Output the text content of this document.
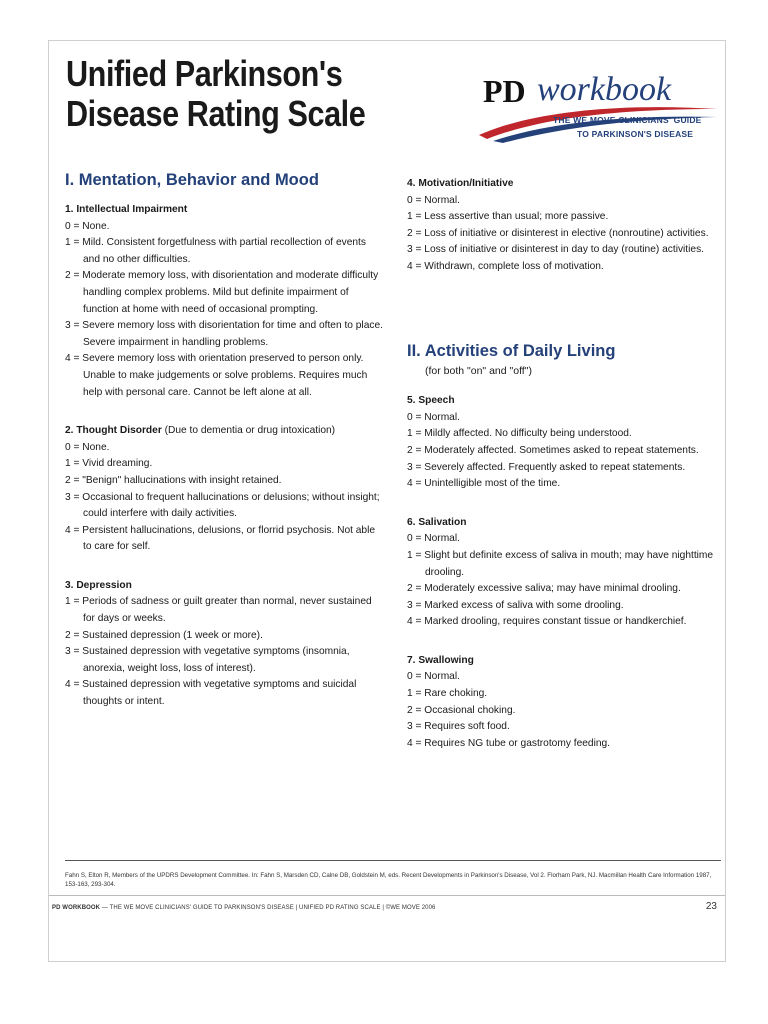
Unified Parkinson's
Disease Rating Scale
PD workbook
THE WE MOVE CLINICIANS' GUIDE
TO PARKINSON'S DISEASE
I. Mentation, Behavior and Mood

1. Intellectual Impairment

0 = None.

1 = Mild. Consistent forgetfulness with partial recollection of events and no other difficulties.

2 = Moderate memory loss, with disorientation and moderate difficulty handling complex problems. Mild but definite impairment of function at home with need of occasional prompting.

3 = Severe memory loss with disorientation for time and often to place. Severe impairment in handling problems.

4 = Severe memory loss with orientation preserved to person only. Unable to make judgements or solve problems. Requires much help with personal care. Cannot be left alone at all.

2. Thought Disorder (Due to dementia or drug intoxication)

0 = None.

1 = Vivid dreaming.

2 = "Benign" hallucinations with insight retained.

3 = Occasional to frequent hallucinations or delusions; without insight; could interfere with daily activities.

4 = Persistent hallucinations, delusions, or florrid psychosis. Not able to care for self.

3. Depression

1 = Periods of sadness or guilt greater than normal, never sustained for days or weeks.

2 = Sustained depression (1 week or more).

3 = Sustained depression with vegetative symptoms (insomnia, anorexia, weight loss, loss of interest).

4 = Sustained depression with vegetative symptoms and suicidal thoughts or intent.

4. Motivation/Initiative

0 = Normal.

1 = Less assertive than usual; more passive.

2 = Loss of initiative or disinterest in elective (nonroutine) activities.

3 = Loss of initiative or disinterest in day to day (routine) activities.

4 = Withdrawn, complete loss of motivation.

II. Activities of Daily Living

(for both "on" and "off")

5. Speech

0 = Normal.

1 = Mildly affected. No difficulty being understood.

2 = Moderately affected. Sometimes asked to repeat statements.

3 = Severely affected. Frequently asked to repeat statements.

4 = Unintelligible most of the time.

6. Salivation

0 = Normal.

1 = Slight but definite excess of saliva in mouth; may have nighttime drooling.

2 = Moderately excessive saliva; may have minimal drooling.

3 = Marked excess of saliva with some drooling.

4 = Marked drooling, requires constant tissue or handkerchief.

7. Swallowing

0 = Normal.

1 = Rare choking.

2 = Occasional choking.

3 = Requires soft food.

4 = Requires NG tube or gastrotomy feeding.

Fahn S, Elton R, Members of the UPDRS Development Committee. In: Fahn S, Marsden CD, Calne DB, Goldstein M, eds. Recent Developments in Parkinson's Disease, Vol 2. Florham Park, NJ. Macmillan Health Care Information 1987, 153-163, 293-304.

PD WORKBOOK — THE WE MOVE CLINICIANS' GUIDE TO PARKINSON'S DISEASE | UNIFIED PD RATING SCALE | ©WE MOVE 2006	23
